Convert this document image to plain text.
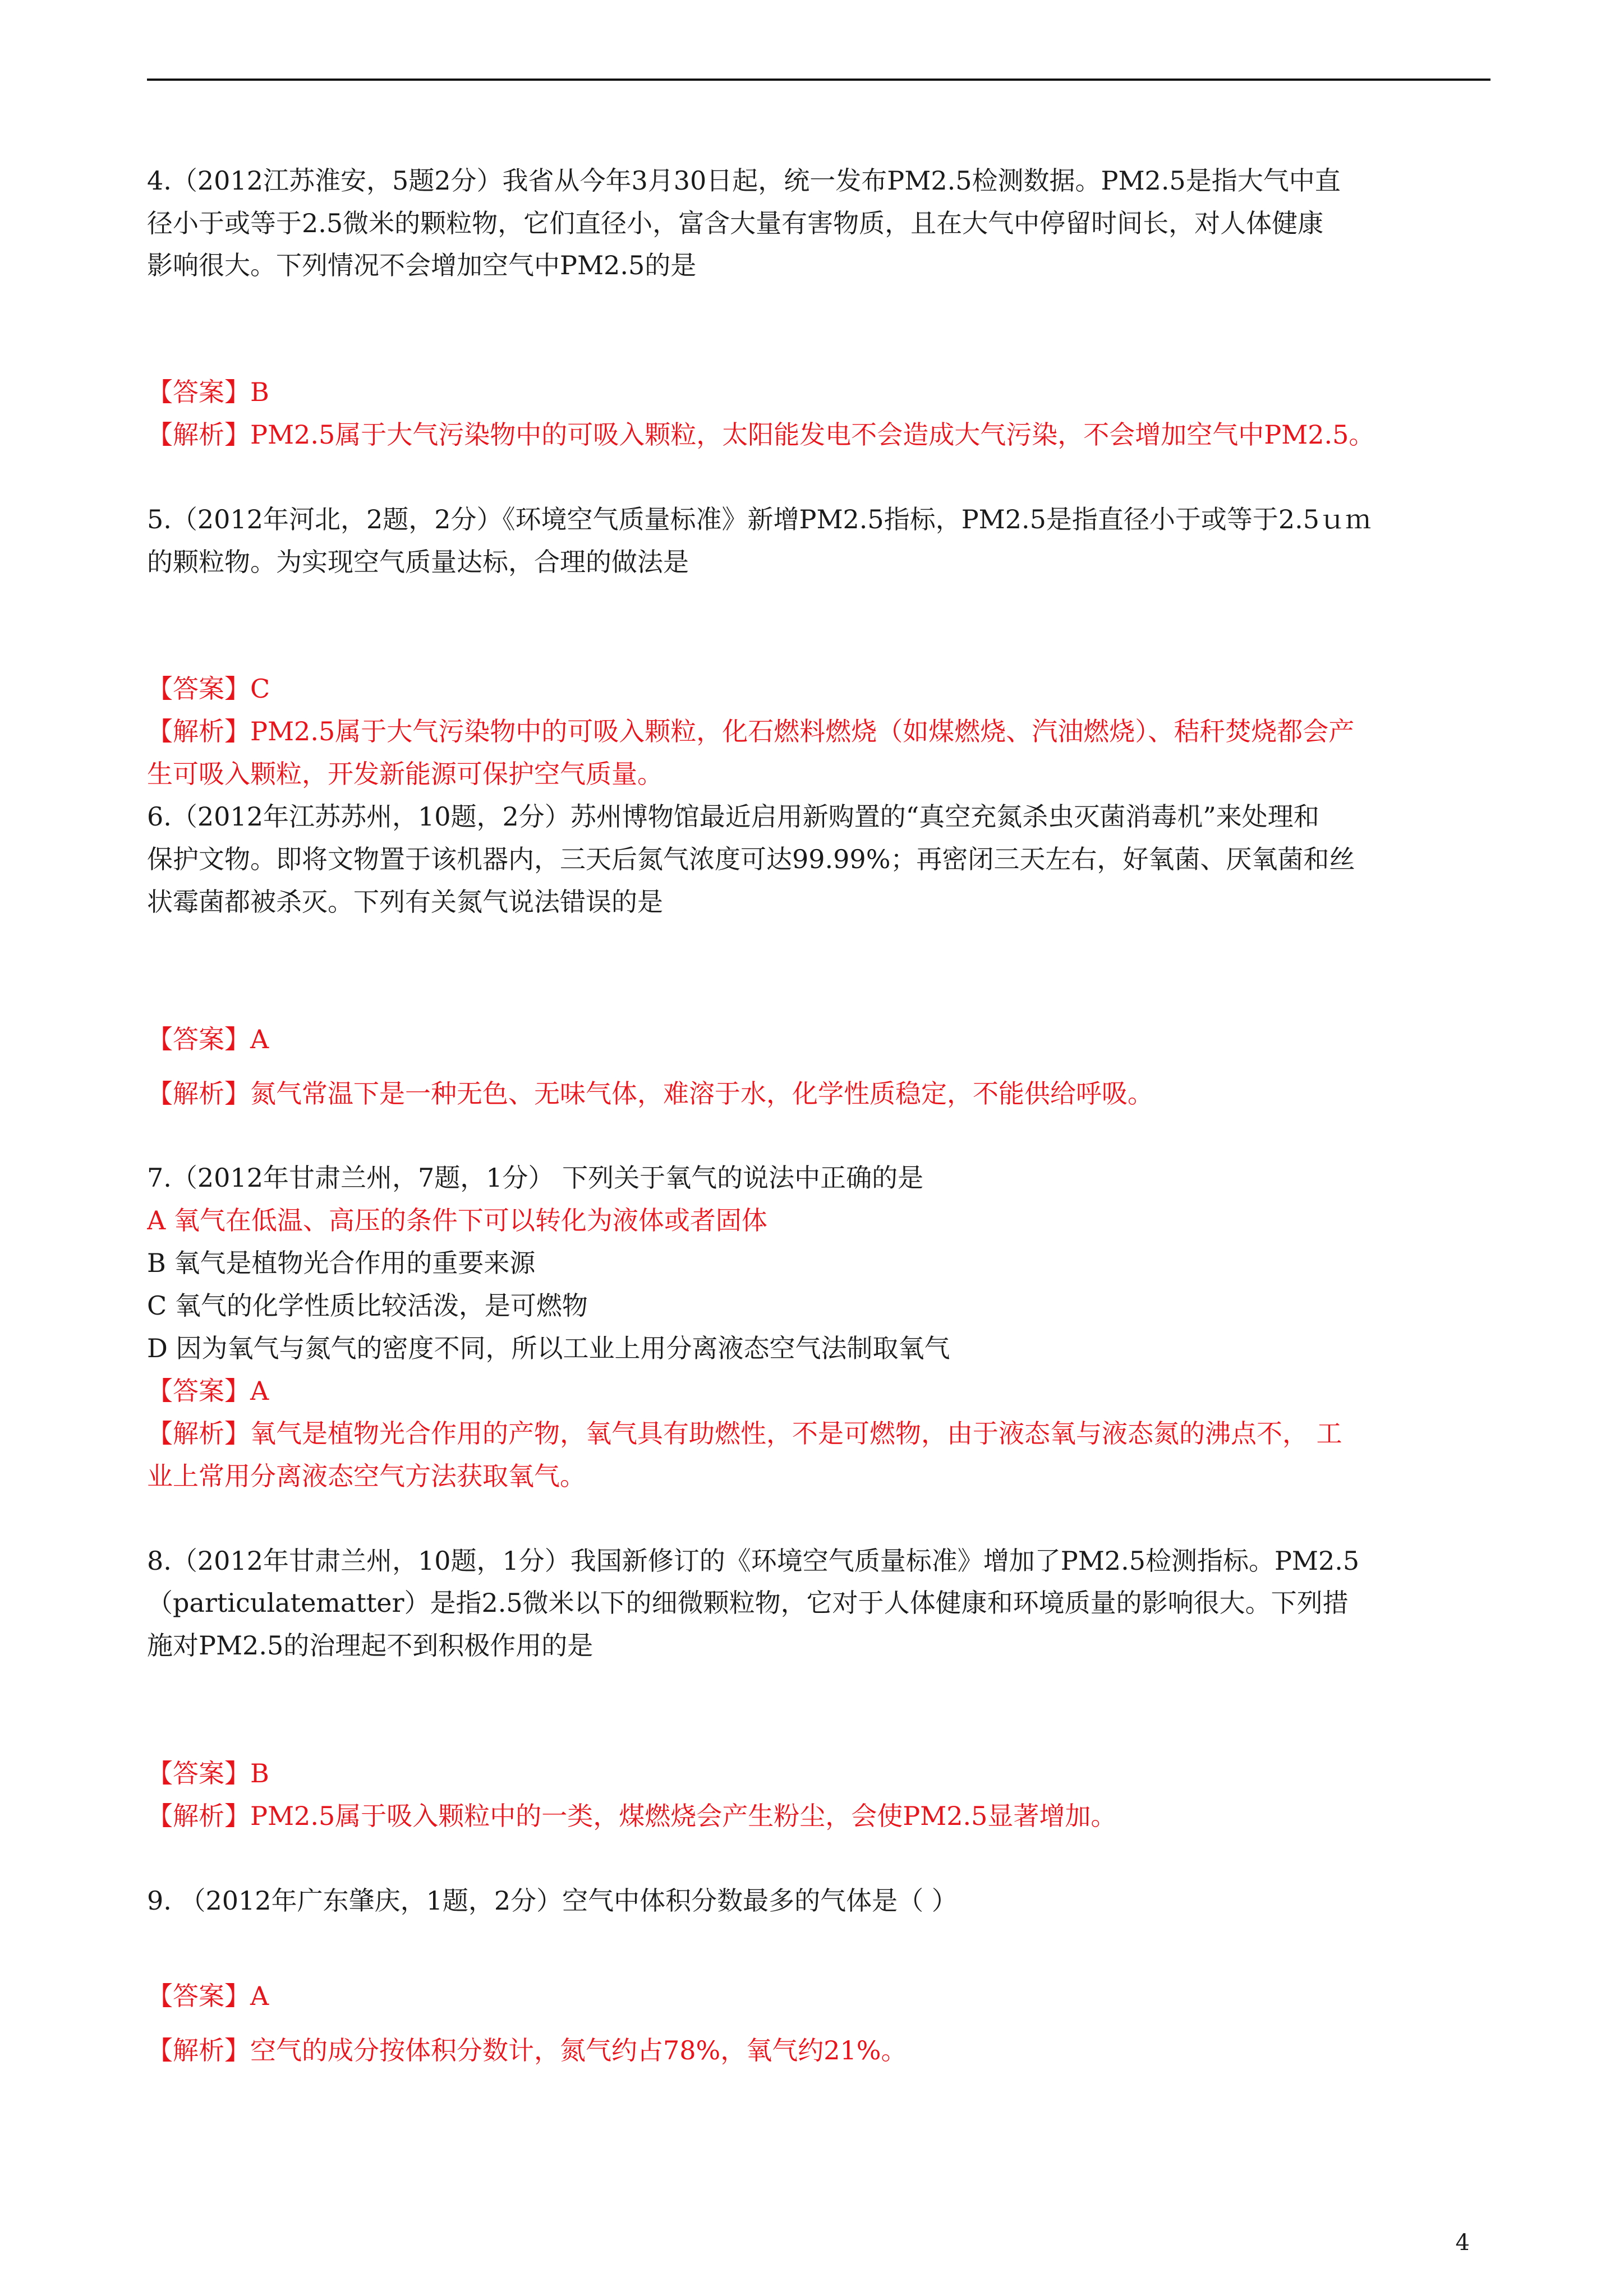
4.（2012江苏淮安，5题2分）我省从今年3月30日起，统一发布PM2.5检测数据。PM2.5是指大气中直
径小于或等于2.5微米的颗粒物，它们直径小，富含大量有害物质，且在大气中停留时间长，对人体健康
影响很大。下列情况不会增加空气中PM2.5的是
【答案】B
【解析】PM2.5属于大气污染物中的可吸入颗粒，太阳能发电不会造成大气污染，不会增加空气中PM2.5。
5.（2012年河北，2题，2分）《环境空气质量标准》新增PM2.5指标，PM2.5是指直径小于或等于2.5ｕｍ
的颗粒物。为实现空气质量达标，合理的做法是
【答案】C
【解析】PM2.5属于大气污染物中的可吸入颗粒，化石燃料燃烧（如煤燃烧、汽油燃烧）、秸秆焚烧都会产
生可吸入颗粒，开发新能源可保护空气质量。
6.（2012年江苏苏州，10题，2分）苏州博物馆最近启用新购置的“真空充氮杀虫灭菌消毒机”来处理和
保护文物。即将文物置于该机器内，三天后氮气浓度可达99.99%；再密闭三天左右，好氧菌、厌氧菌和丝
状霉菌都被杀灭。下列有关氮气说法错误的是
【答案】A
【解析】氮气常温下是一种无色、无味气体，难溶于水，化学性质稳定，不能供给呼吸。
7.（2012年甘肃兰州，7题，1分） 下列关于氧气的说法中正确的是
A 氧气在低温、高压的条件下可以转化为液体或者固体
B 氧气是植物光合作用的重要来源
C 氧气的化学性质比较活泼，是可燃物
D 因为氧气与氮气的密度不同，所以工业上用分离液态空气法制取氧气
【答案】A
【解析】氧气是植物光合作用的产物，氧气具有助燃性，不是可燃物，由于液态氧与液态氮的沸点不， 工
业上常用分离液态空气方法获取氧气。
8.（2012年甘肃兰州，10题，1分）我国新修订的《环境空气质量标准》增加了PM2.5检测指标。PM2.5
（particulatematter）是指2.5微米以下的细微颗粒物，它对于人体健康和环境质量的影响很大。下列措
施对PM2.5的治理起不到积极作用的是
【答案】B
【解析】PM2.5属于吸入颗粒中的一类，煤燃烧会产生粉尘，会使PM2.5显著增加。
9. （2012年广东肇庆，1题，2分）空气中体积分数最多的气体是（ ）
【答案】A
【解析】空气的成分按体积分数计，氮气约占78%，氧气约21%。
4
